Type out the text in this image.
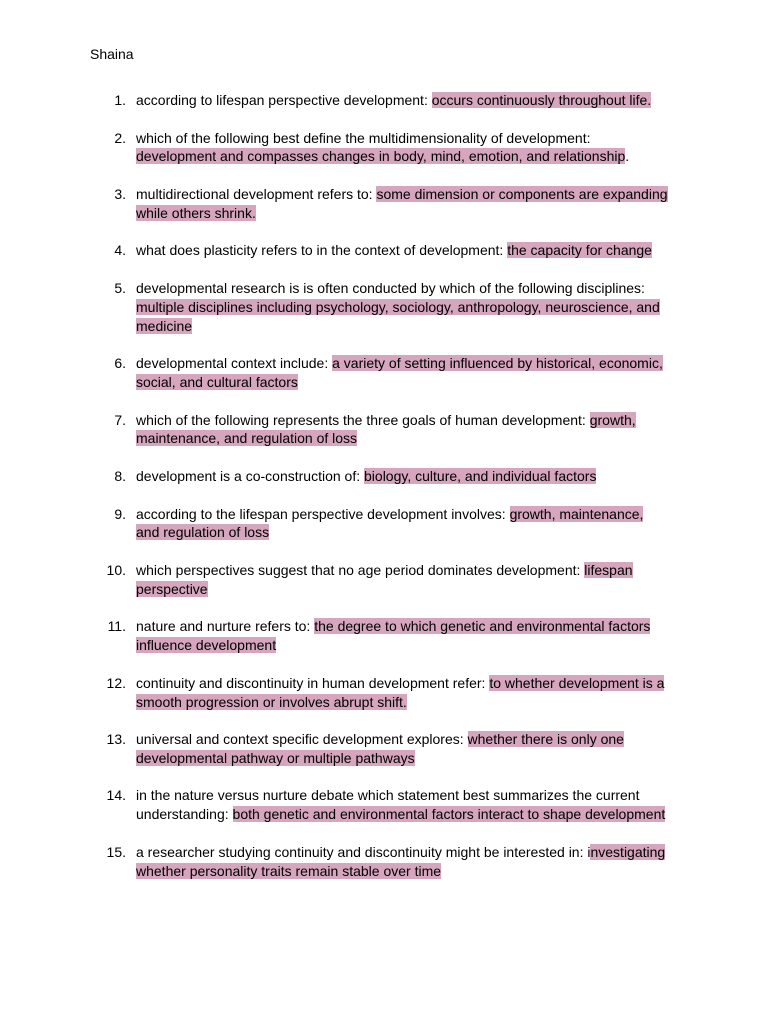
Shaina
1. according to lifespan perspective development: occurs continuously throughout life.
2. which of the following best define the multidimensionality of development: development and compasses changes in body, mind, emotion, and relationship.
3. multidirectional development refers to: some dimension or components are expanding while others shrink.
4. what does plasticity refers to in the context of development: the capacity for change
5. developmental research is is often conducted by which of the following disciplines: multiple disciplines including psychology, sociology, anthropology, neuroscience, and medicine
6. developmental context include: a variety of setting influenced by historical, economic, social, and cultural factors
7. which of the following represents the three goals of human development: growth, maintenance, and regulation of loss
8. development is a co-construction of: biology, culture, and individual factors
9. according to the lifespan perspective development involves: growth, maintenance, and regulation of loss
10. which perspectives suggest that no age period dominates development: lifespan perspective
11. nature and nurture refers to: the degree to which genetic and environmental factors influence development
12. continuity and discontinuity in human development refer: to whether development is a smooth progression or involves abrupt shift.
13. universal and context specific development explores: whether there is only one developmental pathway or multiple pathways
14. in the nature versus nurture debate which statement best summarizes the current understanding: both genetic and environmental factors interact to shape development
15. a researcher studying continuity and discontinuity might be interested in: investigating whether personality traits remain stable over time
